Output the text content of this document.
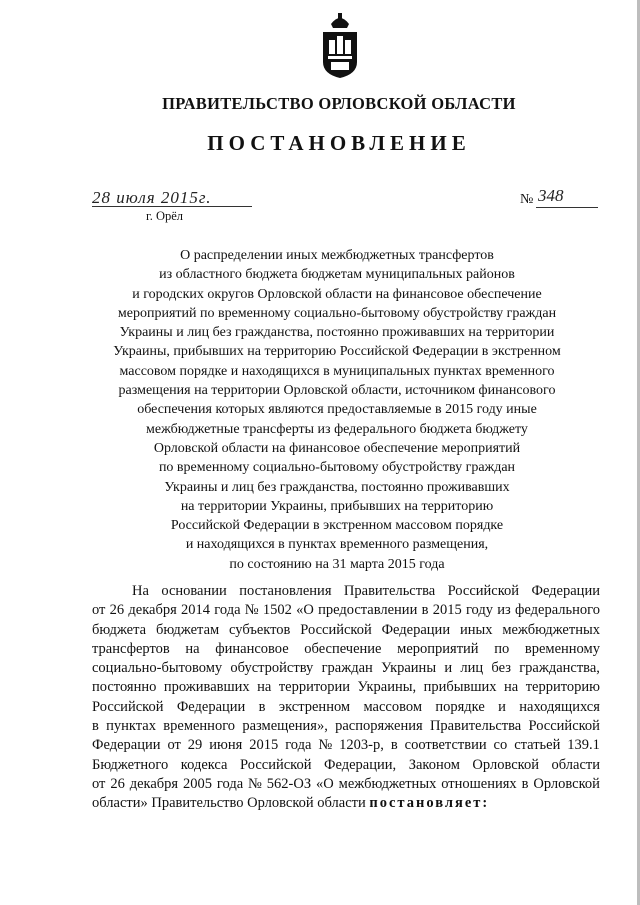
ПРАВИТЕЛЬСТВО ОРЛОВСКОЙ ОБЛАСТИ
ПОСТАНОВЛЕНИЕ
28 июля 2015г.
г. Орёл
№ 348
О распределении иных межбюджетных трансфертов
из областного бюджета бюджетам муниципальных районов
и городских округов Орловской области на финансовое обеспечение
мероприятий по временному социально-бытовому обустройству граждан
Украины и лиц без гражданства, постоянно проживавших на территории
Украины, прибывших на территорию Российской Федерации в экстренном
массовом порядке и находящихся в муниципальных пунктах временного
размещения на территории Орловской области, источником финансового
обеспечения которых являются предоставляемые в 2015 году иные
межбюджетные трансферты из федерального бюджета бюджету
Орловской области на финансовое обеспечение мероприятий
по временному социально-бытовому обустройству граждан
Украины и лиц без гражданства, постоянно проживавших
на территории Украины, прибывших на территорию
Российской Федерации в экстренном массовом порядке
и находящихся в пунктах временного размещения,
по состоянию на 31 марта 2015 года
На основании постановления Правительства Российской Федерации
от 26 декабря 2014 года № 1502 «О предоставлении в 2015 году из федерального
бюджета бюджетам субъектов Российской Федерации иных межбюджетных
трансфертов на финансовое обеспечение мероприятий по временному
социально-бытовому обустройству граждан Украины и лиц без гражданства,
постоянно проживавших на территории Украины, прибывших на территорию
Российской Федерации в экстренном массовом порядке и находящихся
в пунктах временного размещения», распоряжения Правительства Российской
Федерации от 29 июня 2015 года № 1203-р, в соответствии со статьей 139.1
Бюджетного кодекса Российской Федерации, Законом Орловской области
от 26 декабря 2005 года № 562-ОЗ «О межбюджетных отношениях в Орловской
области» Правительство Орловской области
постановляет:
